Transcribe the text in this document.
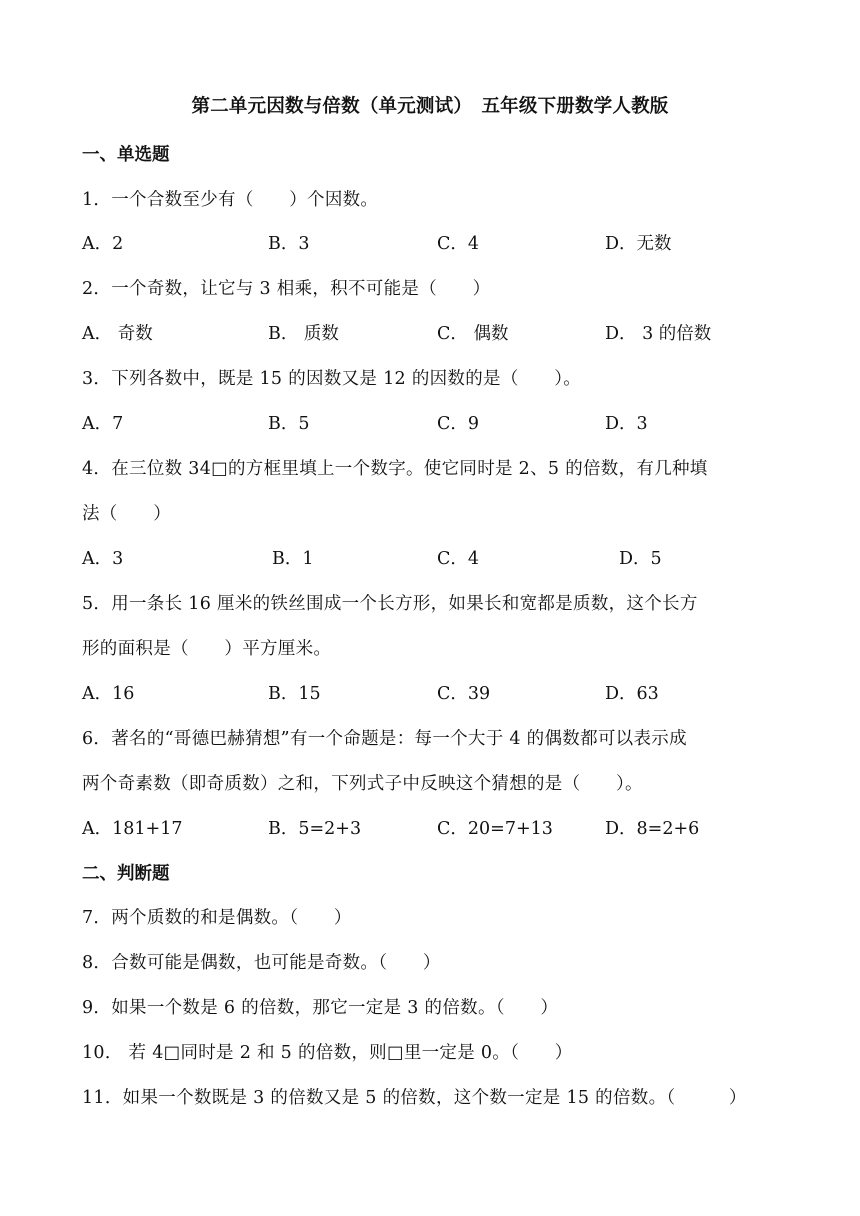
第二单元因数与倍数（单元测试）　五年级下册数学人教版
一、单选题
1．一个合数至少有（　　）个因数。
A．2	B．3	C．4	D．无数
2．一个奇数，让它与 3 相乘，积不可能是（　　）
A． 奇数	B． 质数	C． 偶数	D． 3 的倍数
3．下列各数中，既是 15 的因数又是 12 的因数的是（　　）。
A．7	B．5	C．9	D．3
4．在三位数 34□的方框里填上一个数字。使它同时是 2、5 的倍数，有几种填
法（　　）
A．3	B．1	C．4	D．5
5．用一条长 16 厘米的铁丝围成一个长方形，如果长和宽都是质数，这个长方
形的面积是（　　）平方厘米。
A．16	B．15	C．39	D．63
6．著名的“哥德巴赫猜想”有一个命题是：每一个大于 4 的偶数都可以表示成
两个奇素数（即奇质数）之和，下列式子中反映这个猜想的是（　　）。
A．181+17	B．5=2+3	C．20=7+13	D．8=2+6
二、判断题
7．两个质数的和是偶数。（　　）
8．合数可能是偶数，也可能是奇数。（　　）
9．如果一个数是 6 的倍数，那它一定是 3 的倍数。（　　）
10． 若 4□同时是 2 和 5 的倍数，则□里一定是 0。（　　）
11．如果一个数既是 3 的倍数又是 5 的倍数，这个数一定是 15 的倍数。（　　　）
